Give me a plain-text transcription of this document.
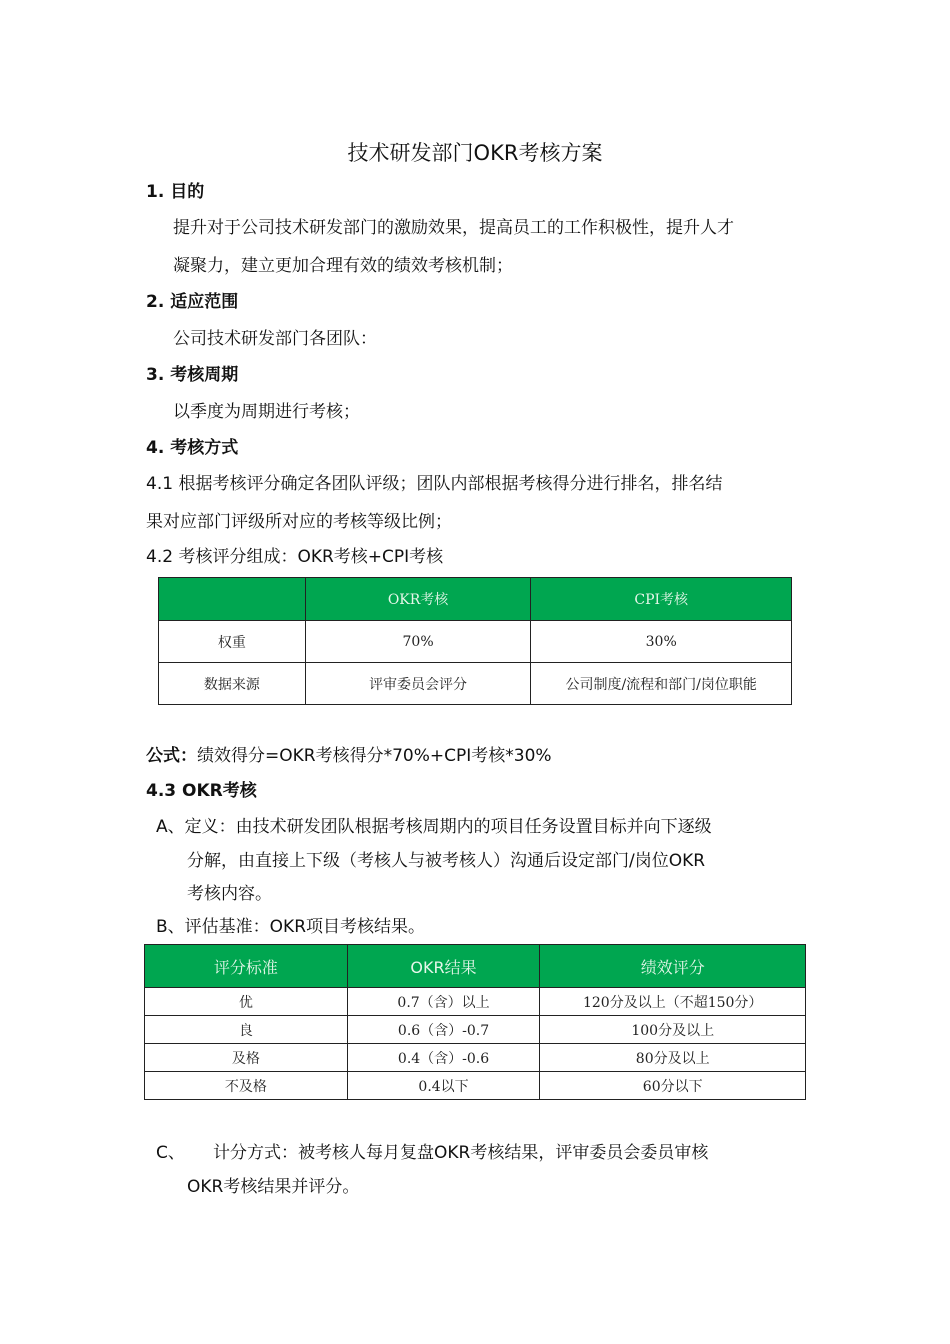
技术研发部门OKR考核方案
1. 目的
提升对于公司技术研发部门的激励效果，提高员工的工作积极性，提升人才
凝聚力，建立更加合理有效的绩效考核机制；
2. 适应范围
公司技术研发部门各团队：
3. 考核周期
以季度为周期进行考核；
4. 考核方式
4.1 根据考核评分确定各团队评级；团队内部根据考核得分进行排名，排名结
果对应部门评级所对应的考核等级比例；
4.2 考核评分组成：OKR考核+CPI考核
	OKR考核	CPI考核
权重	70%	30%
数据来源	评审委员会评分	公司制度/流程和部门/岗位职能
公式：绩效得分=OKR考核得分*70%+CPI考核*30%
4.3 OKR考核
A、定义：由技术研发团队根据考核周期内的项目任务设置目标并向下逐级
分解，由直接上下级（考核人与被考核人）沟通后设定部门/岗位OKR
考核内容。
B、评估基准：OKR项目考核结果。
评分标准	OKR结果	绩效评分
优	0.7（含）以上	120分及以上（不超150分）
良	0.6（含）-0.7	100分及以上
及格	0.4（含）-0.6	80分及以上
不及格	0.4以下	60分以下
C、 计分方式：被考核人每月复盘OKR考核结果，评审委员会委员审核
OKR考核结果并评分。
